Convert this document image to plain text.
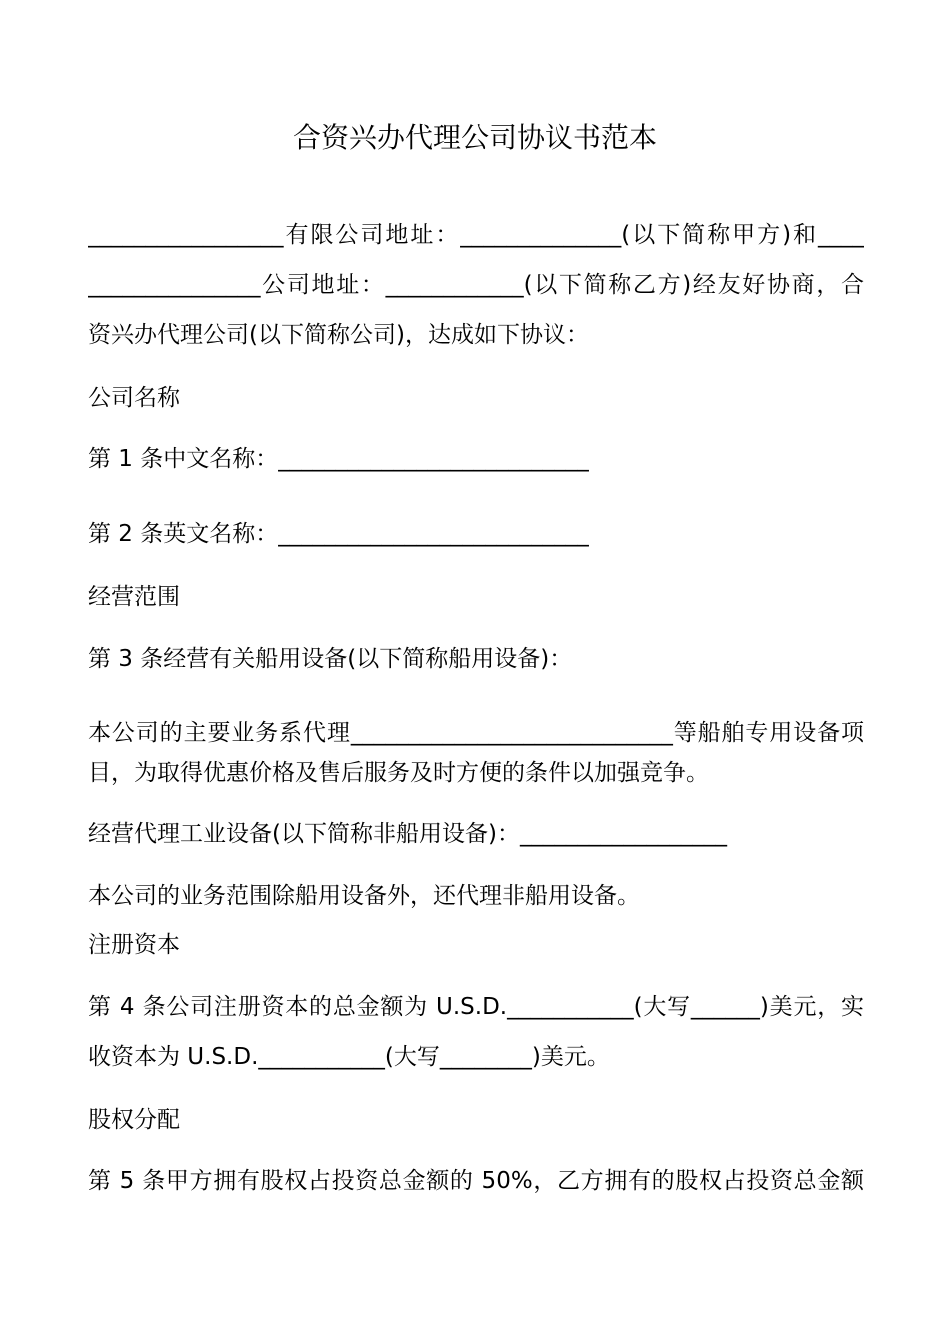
合资兴办代理公司协议书范本
_________________有限公司地址：______________(以下简称甲方)和____
_______________公司地址：____________(以下简称乙方)经友好协商，合
资兴办代理公司(以下简称公司)，达成如下协议：
公司名称
第 1 条中文名称：___________________________
第 2 条英文名称：___________________________
经营范围
第 3 条经营有关船用设备(以下简称船用设备)：
本公司的主要业务系代理____________________________等船舶专用设备项
目，为取得优惠价格及售后服务及时方便的条件以加强竞争。
经营代理工业设备(以下简称非船用设备)：__________________
本公司的业务范围除船用设备外，还代理非船用设备。
注册资本
第 4 条公司注册资本的总金额为 U.S.D.___________(大写______)美元，实
收资本为 U.S.D.___________(大写________)美元。
股权分配
第 5 条甲方拥有股权占投资总金额的 50%，乙方拥有的股权占投资总金额
